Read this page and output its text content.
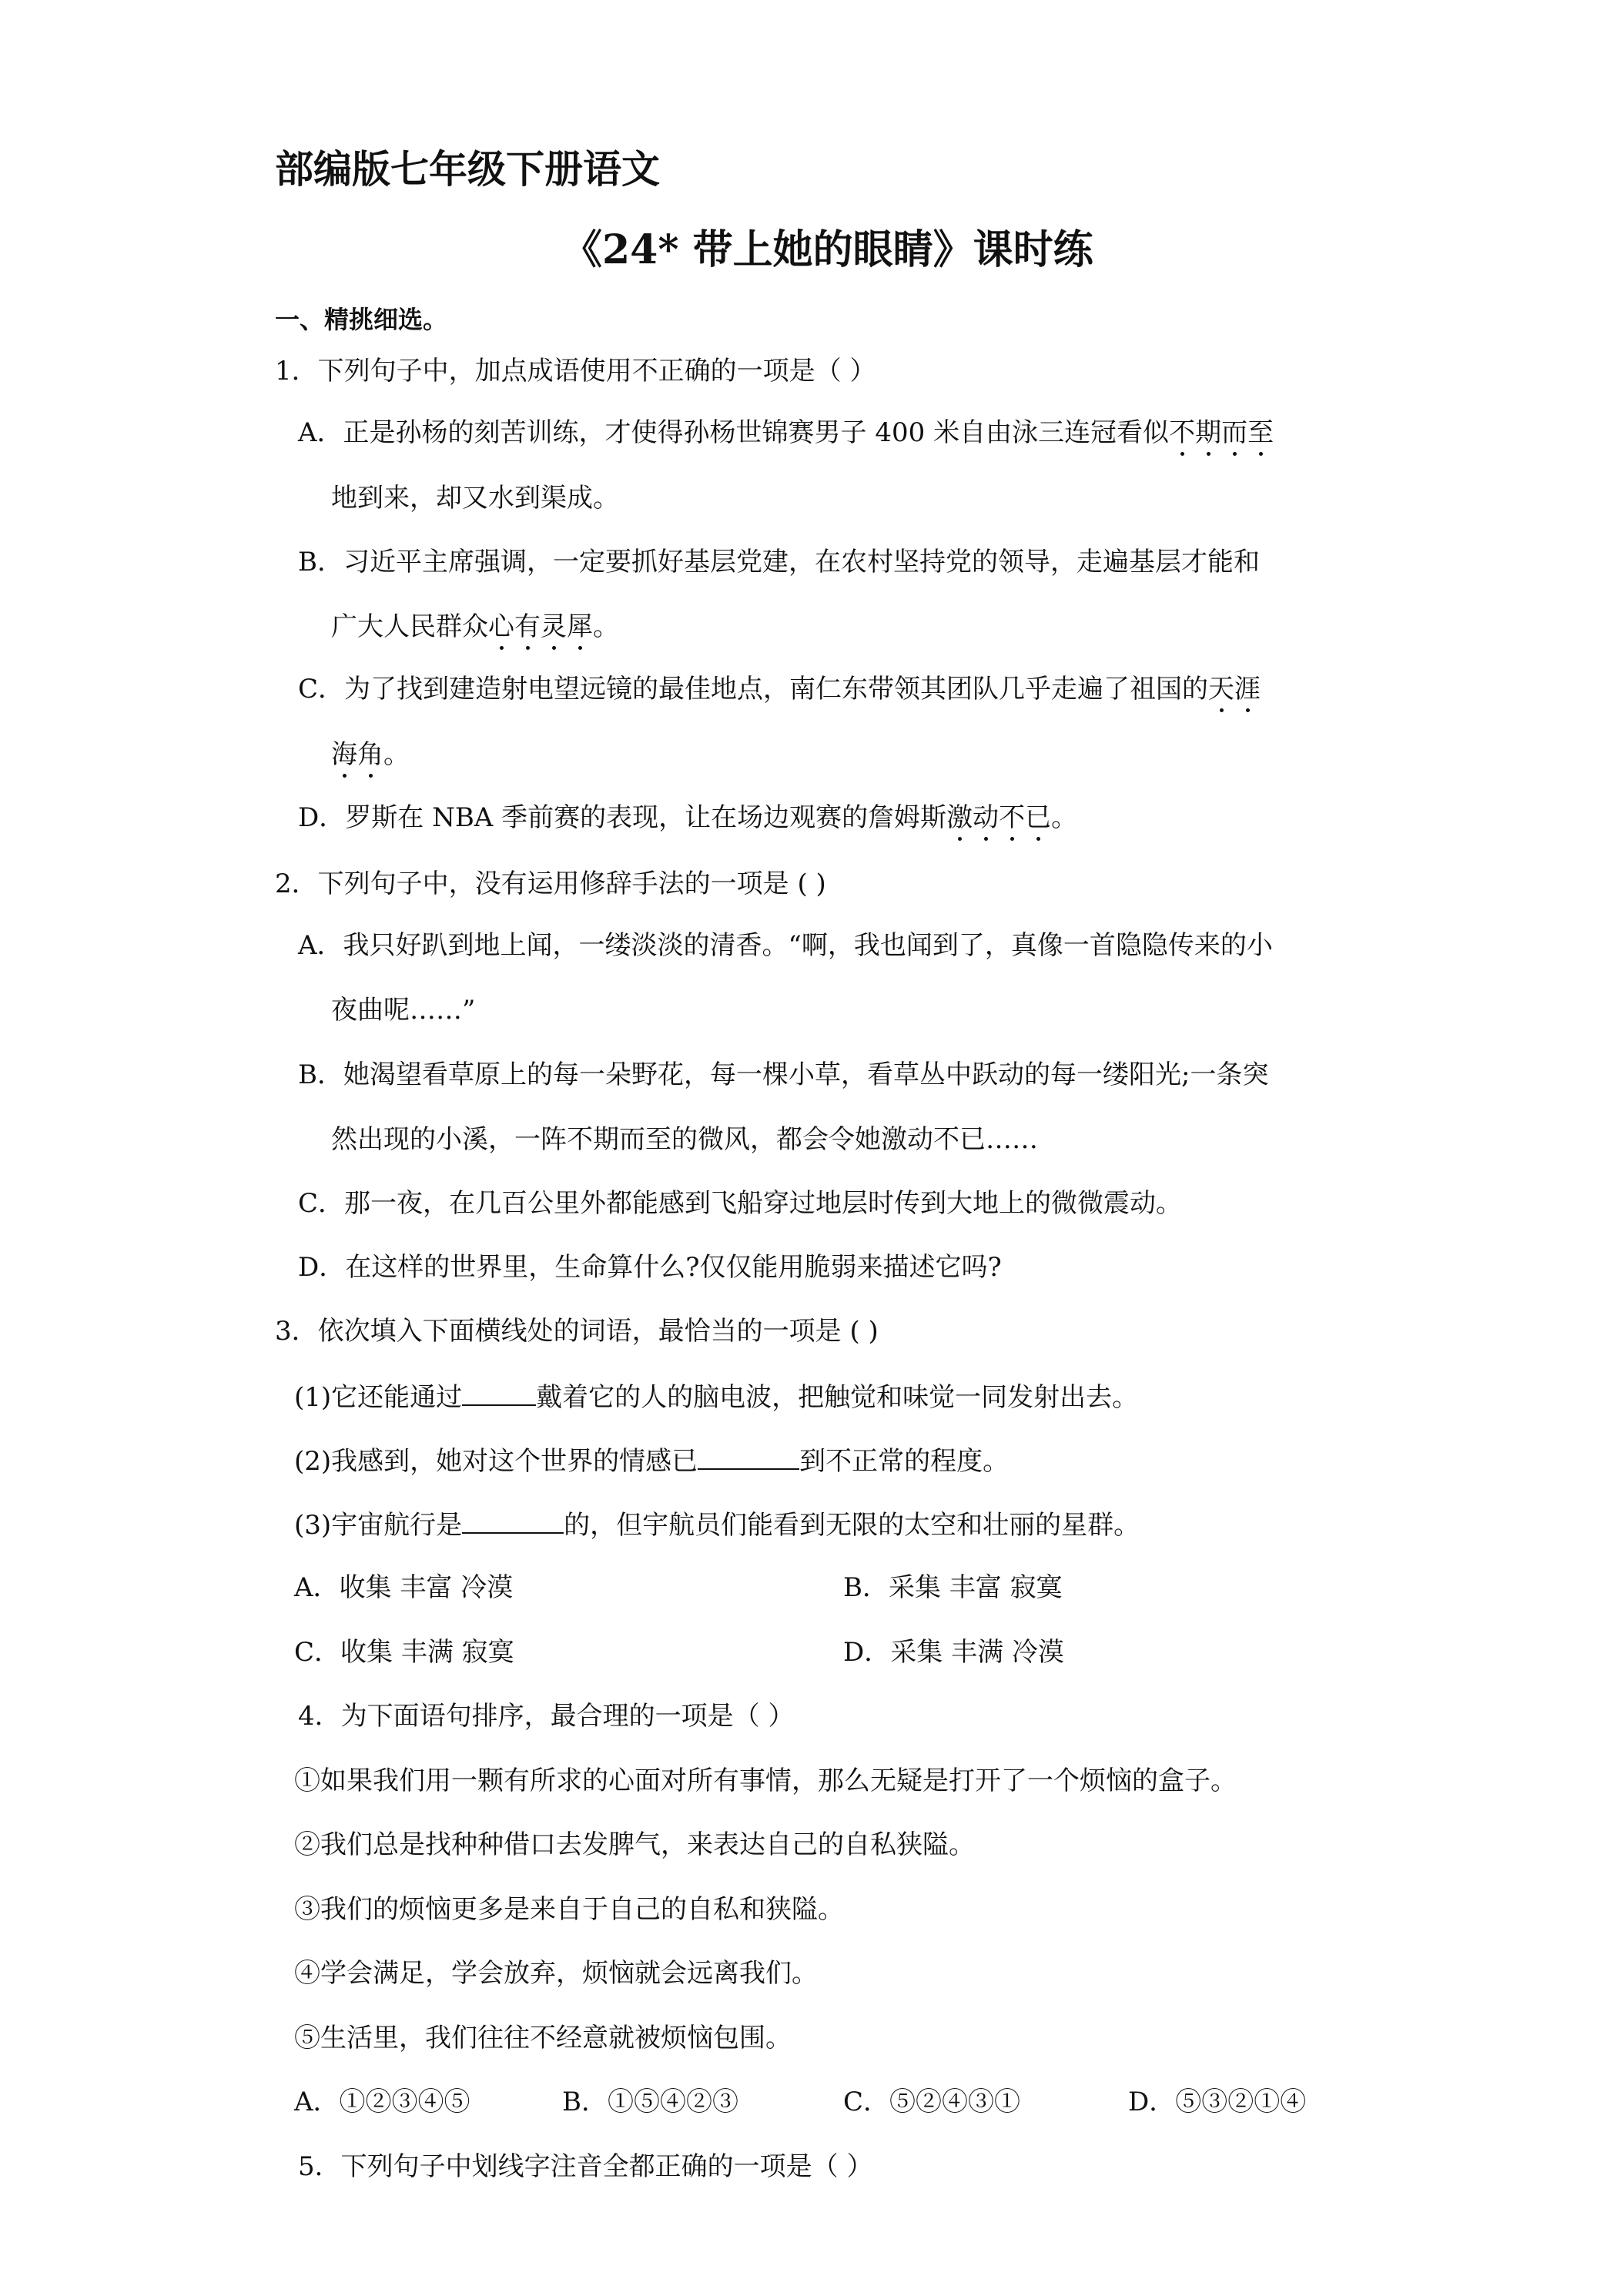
部编版七年级下册语文
《24* 带上她的眼睛》课时练
一、精挑细选。
1．下列句子中，加点成语使用不正确的一项是（ ）
A．正是孙杨的刻苦训练，才使得孙杨世锦赛男子 400 米自由泳三连冠看似不期而至
地到来，却又水到渠成。
B．习近平主席强调，一定要抓好基层党建，在农村坚持党的领导，走遍基层才能和
广大人民群众心有灵犀。
C．为了找到建造射电望远镜的最佳地点，南仁东带领其团队几乎走遍了祖国的天涯
海角。
D．罗斯在 NBA 季前赛的表现，让在场边观赛的詹姆斯激动不已。
2．下列句子中，没有运用修辞手法的一项是 ( )
A．我只好趴到地上闻，一缕淡淡的清香。“啊，我也闻到了，真像一首隐隐传来的小
夜曲呢……”
B．她渴望看草原上的每一朵野花，每一棵小草，看草丛中跃动的每一缕阳光;一条突
然出现的小溪，一阵不期而至的微风，都会令她激动不已……
C．那一夜，在几百公里外都能感到飞船穿过地层时传到大地上的微微震动。
D．在这样的世界里，生命算什么?仅仅能用脆弱来描述它吗?
3．依次填入下面横线处的词语，最恰当的一项是 ( )
(1)它还能通过	戴着它的人的脑电波，把触觉和味觉一同发射出去。
(2)我感到，她对这个世界的情感已	到不正常的程度。
(3)宇宙航行是	的，但宇航员们能看到无限的太空和壮丽的星群。
A．收集 丰富 冷漠	B．采集 丰富 寂寞
C．收集 丰满 寂寞	D．采集 丰满 冷漠
4．为下面语句排序，最合理的一项是（ ）
①如果我们用一颗有所求的心面对所有事情，那么无疑是打开了一个烦恼的盒子。
②我们总是找种种借口去发脾气，来表达自己的自私狭隘。
③我们的烦恼更多是来自于自己的自私和狭隘。
④学会满足，学会放弃，烦恼就会远离我们。
⑤生活里，我们往往不经意就被烦恼包围。
A．①②③④⑤	B．①⑤④②③	C．⑤②④③①	D．⑤③②①④
5．下列句子中划线字注音全都正确的一项是（ ）
